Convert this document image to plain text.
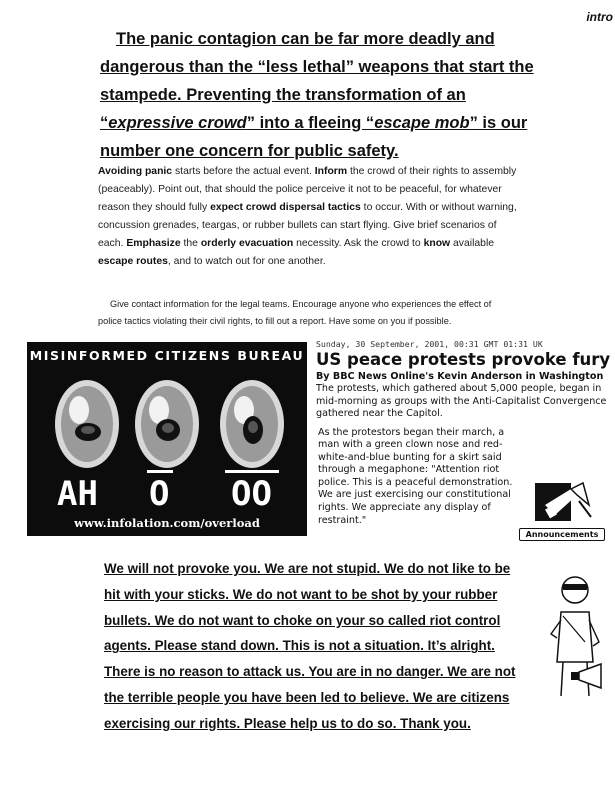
intro
The panic contagion can be far more deadly and
dangerous than the “less lethal” weapons that start the
stampede. Preventing the transformation of an
“expressive crowd” into a fleeing “escape mob” is our
number one concern for public safety.
Avoiding panic starts before the actual event. Inform the crowd of their rights to assembly (peaceably). Point out, that should the police perceive it not to be peaceful, for whatever reason they should fully expect crowd dispersal tactics to occur. With or without warning, concussion grenades, teargas, or rubber bullets can start flying. Give brief scenarios of each. Emphasize the orderly evacuation necessity. Ask the crowd to know available escape routes, and to watch out for one another.
Give contact information for the legal teams. Encourage anyone who experiences the effect of
police tactics violating their civil rights, to fill out a report. Have some on you if possible.
MISINFORMED CITIZENS BUREAU
AH O OO
www.infolation.com/overload
Sunday, 30 September, 2001, 00:31 GMT 01:31 UK
US peace protests provoke fury
By BBC News Online's Kevin Anderson in Washington
The protests, which gathered about 5,000 people, began in mid-morning as groups with the Anti-Capitalist Convergence gathered near the Capitol.
As the protestors began their march, a man with a green clown nose and red-white-and-blue bunting for a skirt said through a megaphone: "Attention riot police. This is a peaceful demonstration. We are just exercising our constitutional rights. We appreciate any display of restraint."
Announcements
We will not provoke you. We are not stupid. We do not like to be
hit with your sticks. We do not want to be shot by your rubber
bullets. We do not want to choke on your so called riot control
agents. Please stand down. This is not a situation. It’s alright.
There is no reason to attack us. You are in no danger. We are not
the terrible people you have been led to believe. We are citizens
exercising our rights. Please help us to do so. Thank you.
